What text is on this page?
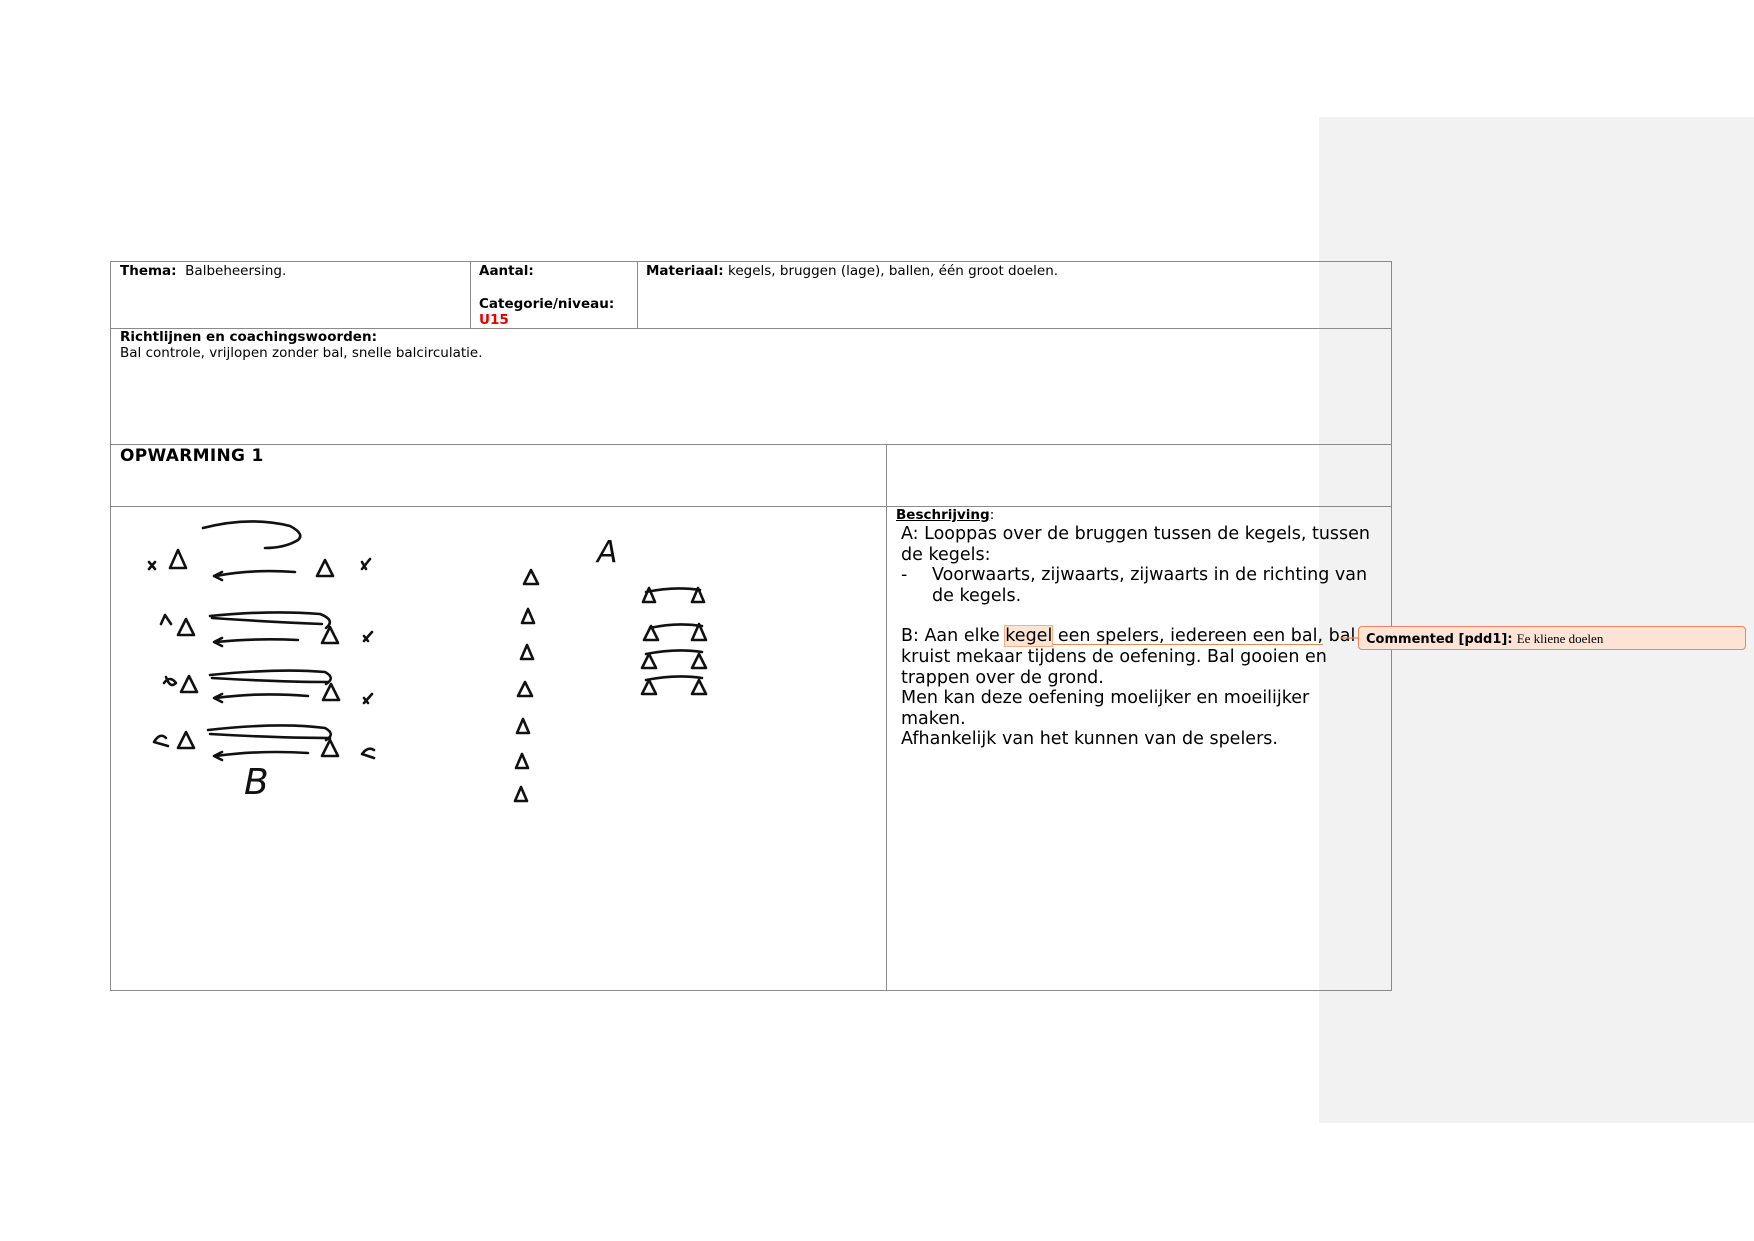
Thema: Balbeheersing.	Aantal:
Categorie/niveau:
U15
Materiaal: kegels, bruggen (lage), ballen, één groot doelen.
Richtlijnen en coachingswoorden:
Bal controle, vrijlopen zonder bal, snelle balcirculatie.
OPWARMING 1
A
B
Beschrijving:

A: Looppas over de bruggen tussen de kegels, tussen de kegels:

-	Voorwaarts, zijwaarts, zijwaarts in de richting van de kegels.

B: Aan elke kegel een spelers, iedereen een bal, bal kruist mekaar tijdens de oefening. Bal gooien en trappen over de grond.

Men kan deze oefening moelijker en moeilijker maken.

Afhankelijk van het kunnen van de spelers.

Commented [pdd1]: Ee kliene doelen
